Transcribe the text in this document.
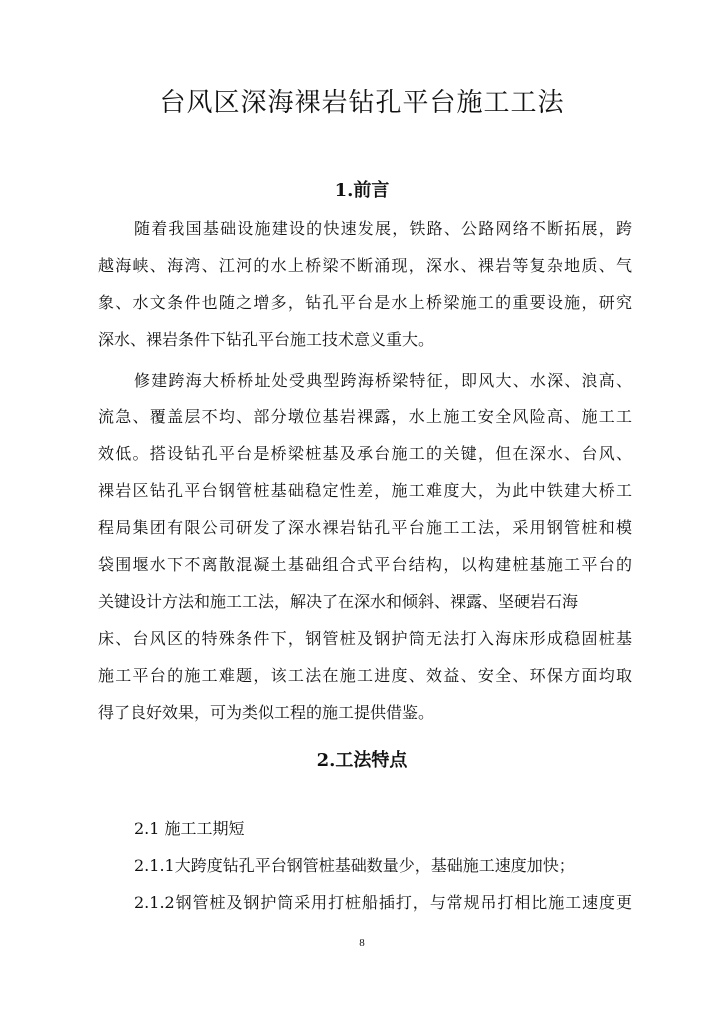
台风区深海裸岩钻孔平台施工工法
1.前言
随着我国基础设施建设的快速发展，铁路、公路网络不断拓展，跨
越海峡、海湾、江河的水上桥梁不断涌现，深水、裸岩等复杂地质、气
象、水文条件也随之增多，钻孔平台是水上桥梁施工的重要设施，研究
深水、裸岩条件下钻孔平台施工技术意义重大。
修建跨海大桥桥址处受典型跨海桥梁特征，即风大、水深、浪高、
流急、覆盖层不均、部分墩位基岩裸露，水上施工安全风险高、施工工
效低。搭设钻孔平台是桥梁桩基及承台施工的关键，但在深水、台风、
裸岩区钻孔平台钢管桩基础稳定性差，施工难度大，为此中铁建大桥工
程局集团有限公司研发了深水裸岩钻孔平台施工工法，采用钢管桩和模
袋围堰水下不离散混凝土基础组合式平台结构，以构建桩基施工平台的
关键设计方法和施工工法，解决了在深水和倾斜、裸露、坚硬岩石海
床、台风区的特殊条件下，钢管桩及钢护筒无法打入海床形成稳固桩基
施工平台的施工难题，该工法在施工进度、效益、安全、环保方面均取
得了良好效果，可为类似工程的施工提供借鉴。
2.工法特点
2.1 施工工期短
2.1.1大跨度钻孔平台钢管桩基础数量少，基础施工速度加快；
2.1.2钢管桩及钢护筒采用打桩船插打，与常规吊打相比施工速度更
8
